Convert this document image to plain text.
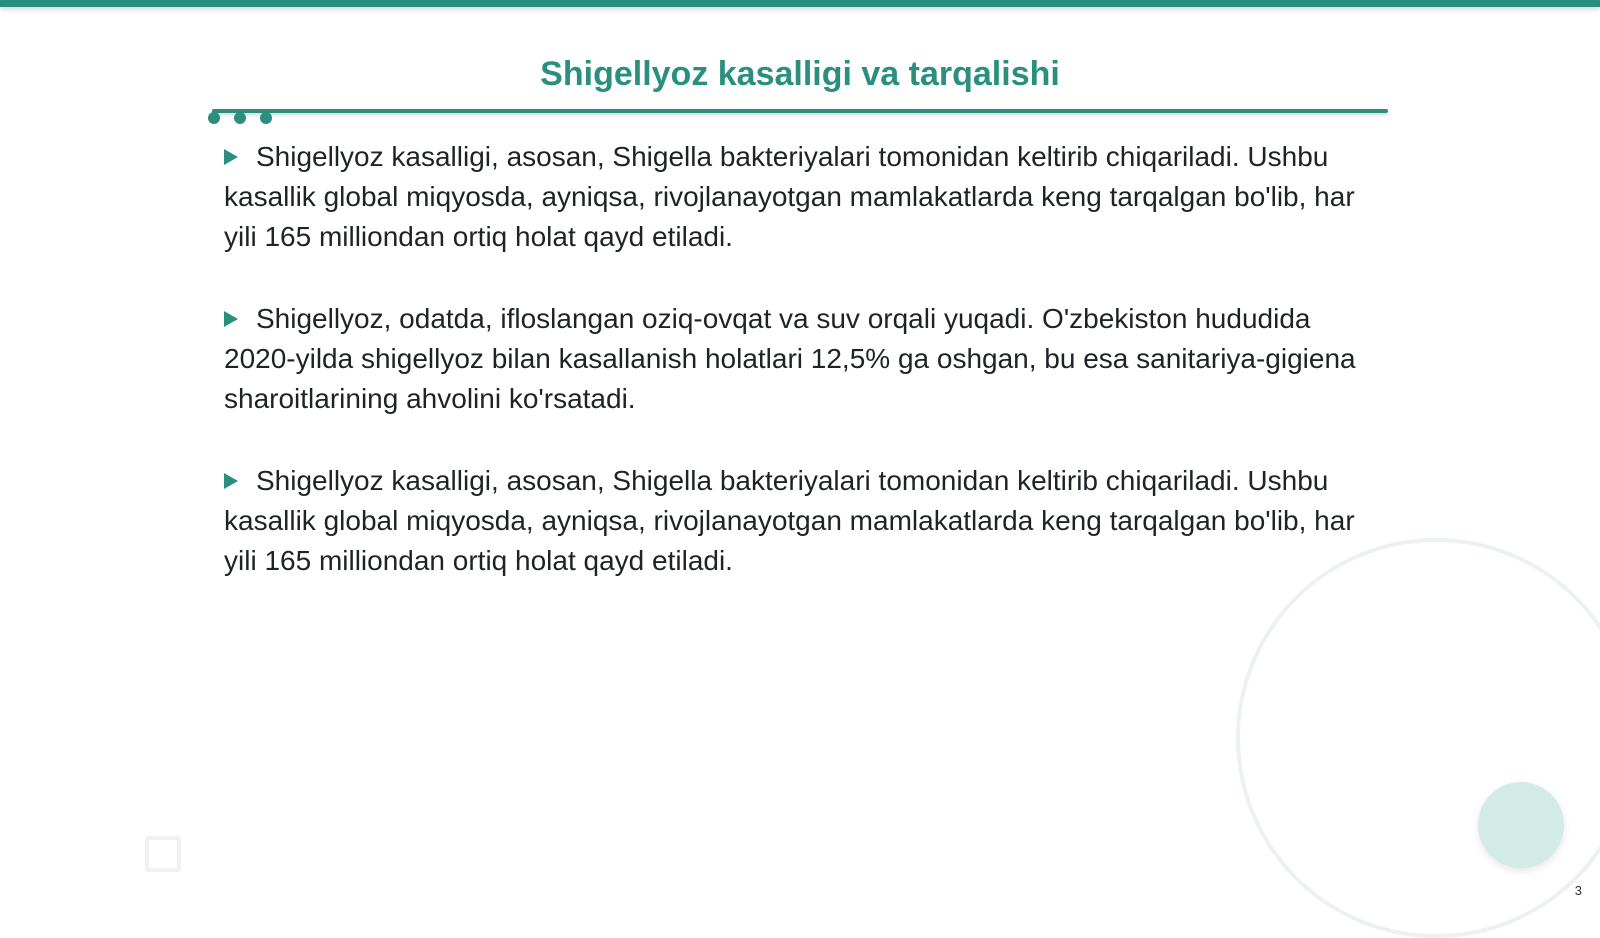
Shigellyoz kasalligi va tarqalishi

Shigellyoz kasalligi, asosan, Shigella bakteriyalari tomonidan keltirib chiqariladi. Ushbu kasallik global miqyosda, ayniqsa, rivojlanayotgan mamlakatlarda keng tarqalgan bo'lib, har yili 165 milliondan ortiq holat qayd etiladi.

Shigellyoz, odatda, ifloslangan oziq-ovqat va suv orqali yuqadi. O'zbekiston hududida 2020-yilda shigellyoz bilan kasallanish holatlari 12,5% ga oshgan, bu esa sanitariya-gigiena sharoitlarining ahvolini ko'rsatadi.

Shigellyoz kasalligi, asosan, Shigella bakteriyalari tomonidan keltirib chiqariladi. Ushbu kasallik global miqyosda, ayniqsa, rivojlanayotgan mamlakatlarda keng tarqalgan bo'lib, har yili 165 milliondan ortiq holat qayd etiladi.

3
